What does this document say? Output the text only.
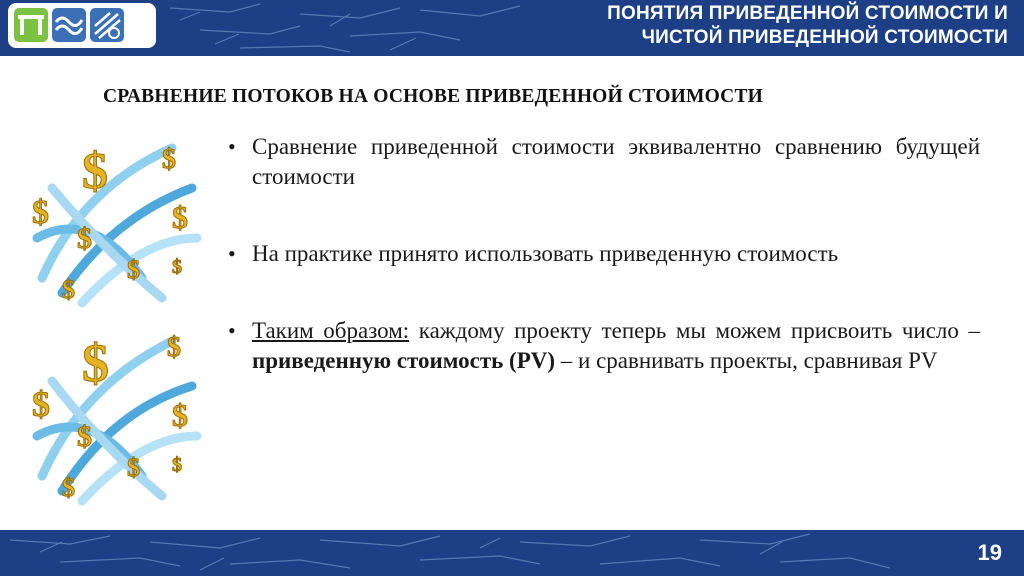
ПОНЯТИЯ ПРИВЕДЕННОЙ СТОИМОСТИ И
ЧИСТОЙ ПРИВЕДЕННОЙ СТОИМОСТИ
СРАВНЕНИЕ ПОТОКОВ НА ОСНОВЕ ПРИВЕДЕННОЙ СТОИМОСТИ
$
$
$
$
$
$
$
$
$
$
$
$
$
$
$
$
• Сравнение приведенной стоимости эквивалентно сравнению будущей стоимости
• На практике принято использовать приведенную стоимость
• Таким образом: каждому проекту теперь мы можем присвоить число – приведенную стоимость (PV) – и сравнивать проекты, сравнивая PV
19
